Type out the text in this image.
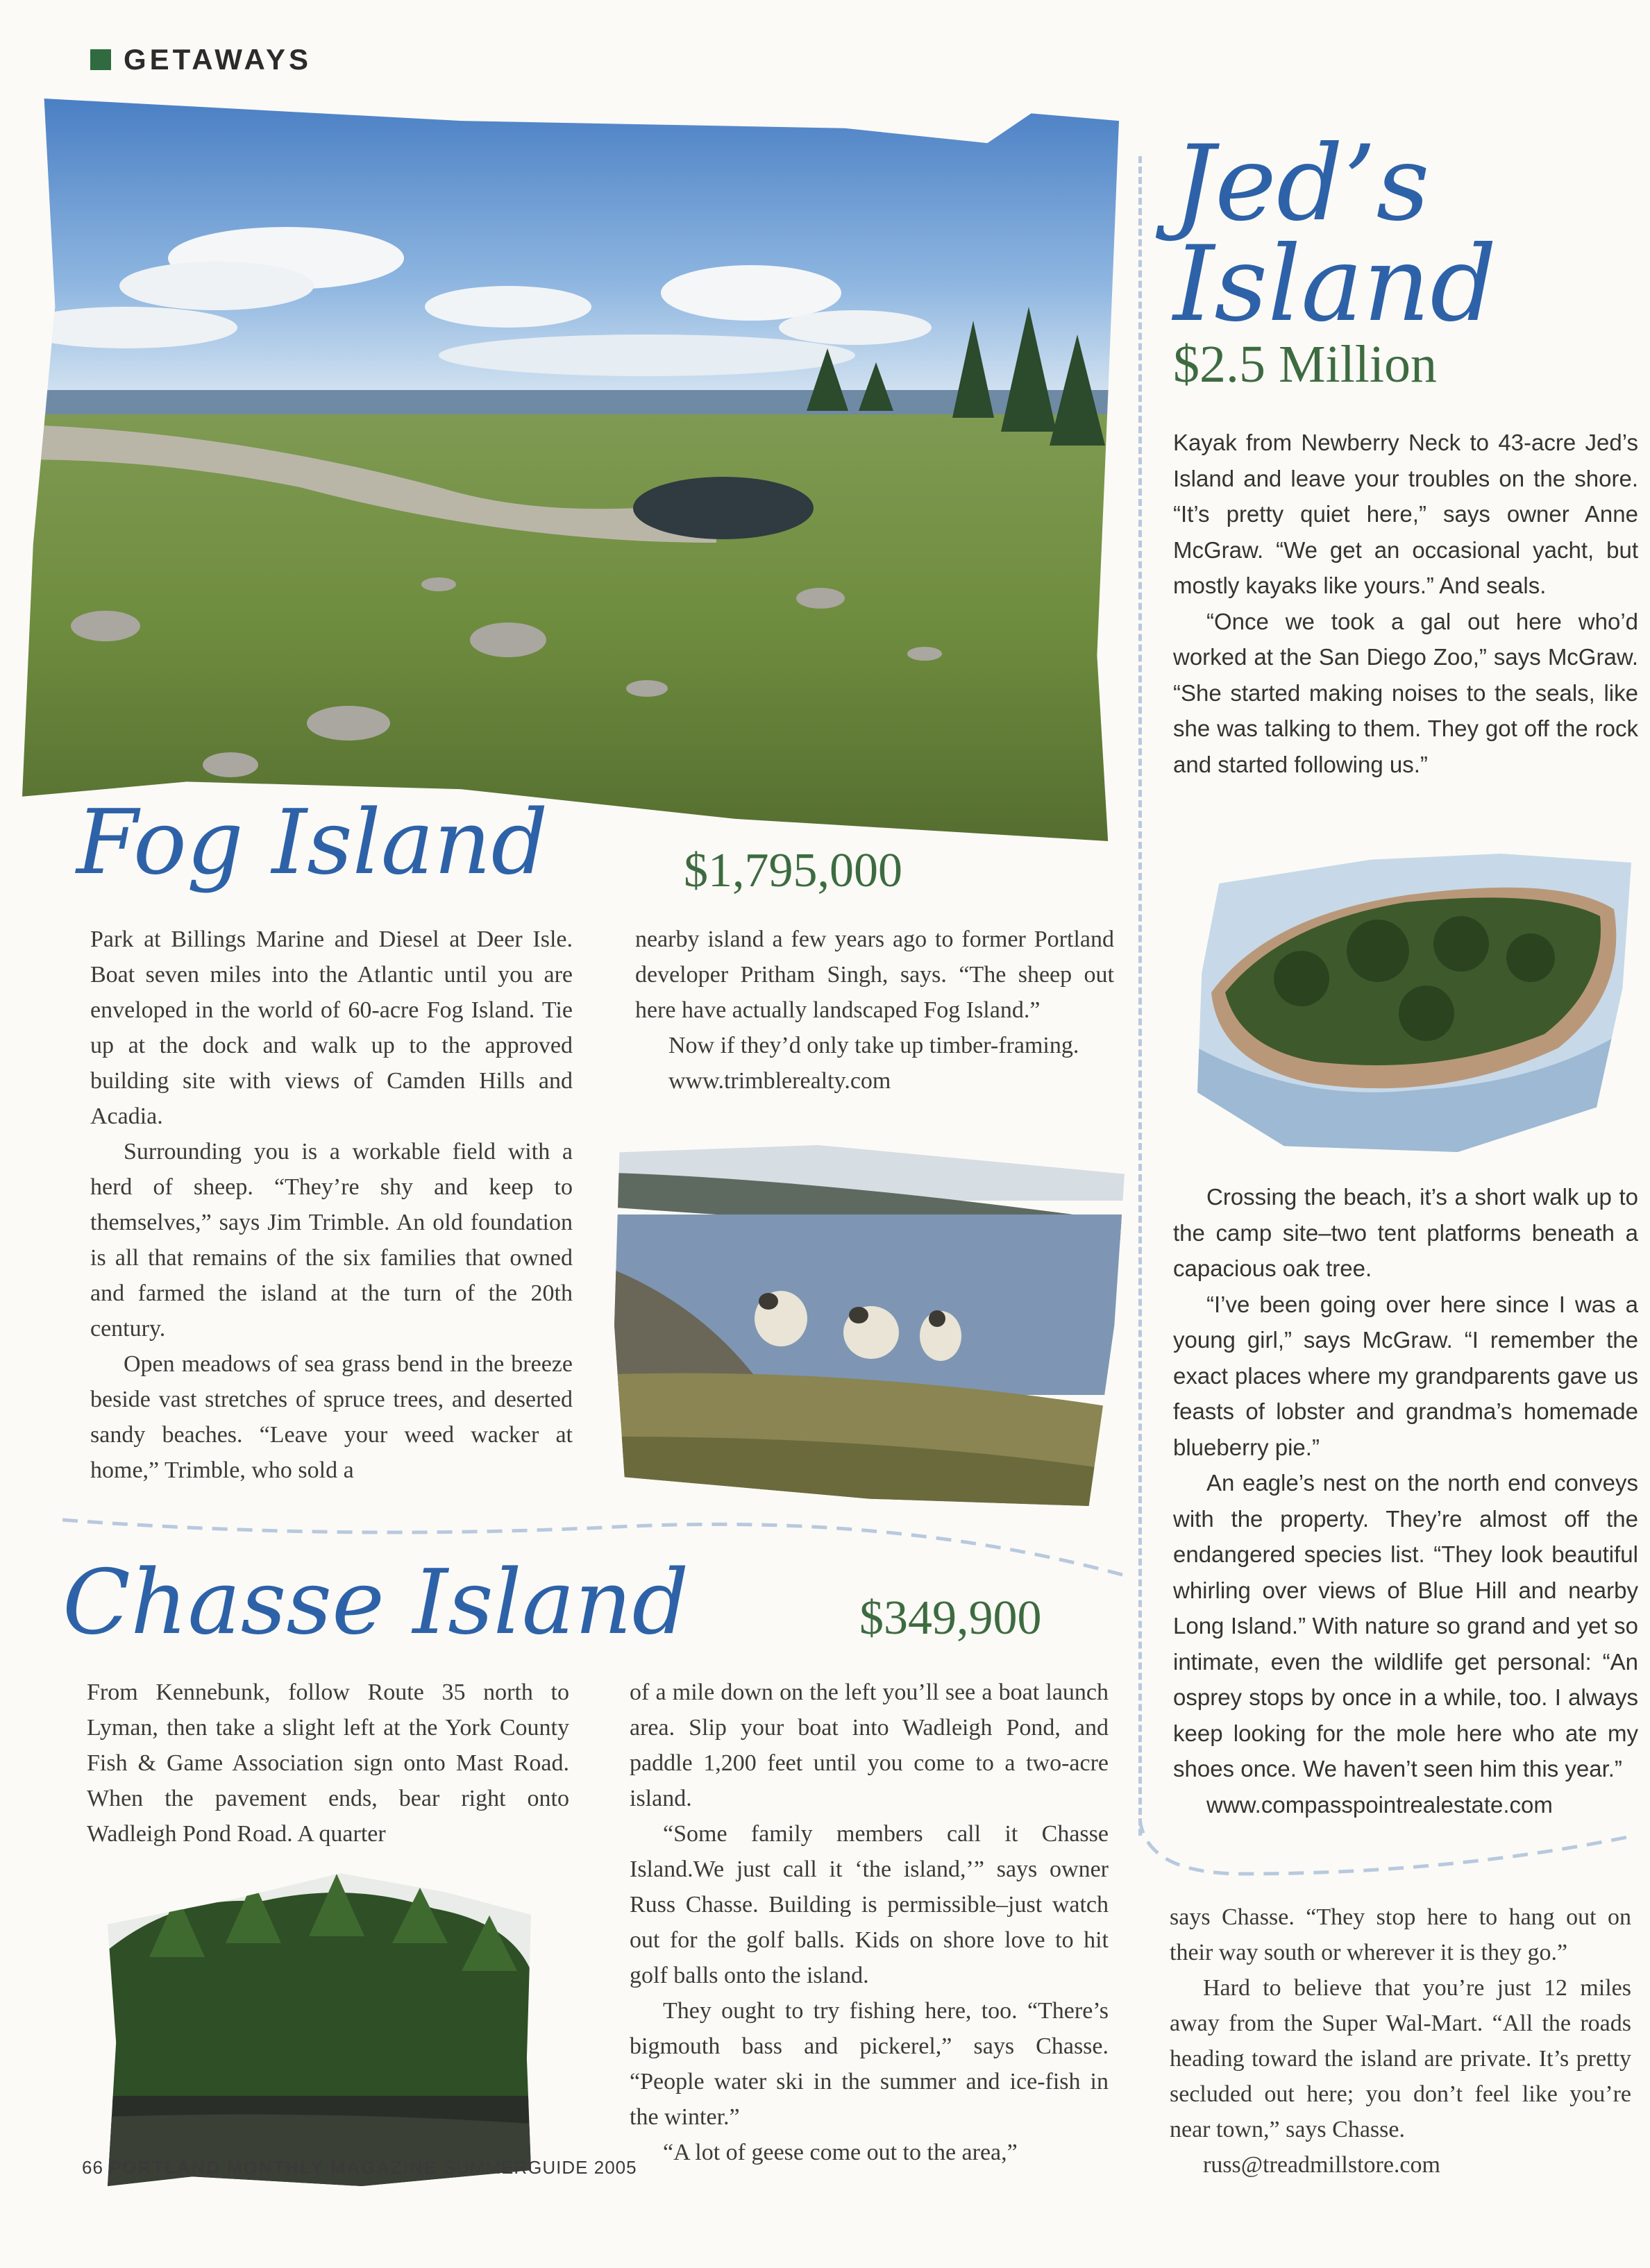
GETAWAYS
Fog Island	$1,795,000

Park at Billings Marine and Diesel at Deer Isle. Boat seven miles into the Atlantic until you are enveloped in the world of 60-acre Fog Island. Tie up at the dock and walk up to the approved building site with views of Camden Hills and Acadia.

Surrounding you is a workable field with a herd of sheep. “They’re shy and keep to themselves,” says Jim Trimble. An old foundation is all that remains of the six families that owned and farmed the island at the turn of the 20th century.

Open meadows of sea grass bend in the breeze beside vast stretches of spruce trees, and deserted sandy beaches. “Leave your weed wacker at home,” Trimble, who sold a

nearby island a few years ago to former Portland developer Pritham Singh, says. “The sheep out here have actually landscaped Fog Island.”

Now if they’d only take up timber-framing.

www.trimblerealty.com

Jed’s
Island
$2.5 Million

Kayak from Newberry Neck to 43-acre Jed’s Island and leave your troubles on the shore. “It’s pretty quiet here,” says owner Anne McGraw. “We get an occasional yacht, but mostly kayaks like yours.” And seals.

“Once we took a gal out here who’d worked at the San Diego Zoo,” says McGraw. “She started making noises to the seals, like she was talking to them. They got off the rock and started following us.”

Crossing the beach, it’s a short walk up to the camp site–two tent platforms beneath a capacious oak tree.

“I’ve been going over here since I was a young girl,” says McGraw. “I remember the exact places where my grandparents gave us feasts of lobster and grandma’s homemade blueberry pie.”

An eagle’s nest on the north end conveys with the property. They’re almost off the endangered species list. “They look beautiful whirling over views of Blue Hill and nearby Long Island.” With nature so grand and yet so intimate, even the wildlife get personal: “An osprey stops by once in a while, too. I always keep looking for the mole here who ate my shoes once. We haven’t seen him this year.”

www.compasspointrealestate.com

Chasse Island	$349,900

From Kennebunk, follow Route 35 north to Lyman, then take a slight left at the York County Fish & Game Association sign onto Mast Road. When the pavement ends, bear right onto Wadleigh Pond Road. A quarter

of a mile down on the left you’ll see a boat launch area. Slip your boat into Wadleigh Pond, and paddle 1,200 feet until you come to a two-acre island.

“Some family members call it Chasse Island.We just call it ‘the island,’” says owner Russ Chasse. Building is permissible–just watch out for the golf balls. Kids on shore love to hit golf balls onto the island.

They ought to try fishing here, too. “There’s bigmouth bass and pickerel,” says Chasse. “People water ski in the summer and ice-fish in the winter.”

“A lot of geese come out to the area,”

says Chasse. “They stop here to hang out on their way south or wherever it is they go.”

Hard to believe that you’re just 12 miles away from the Super Wal-Mart. “All the roads heading toward the island are private. It’s pretty secluded out here; you don’t feel like you’re near town,” says Chasse.

russ@treadmillstore.com

66 PORTLAND MONTHLY MAGAZINE SUMMERGUIDE 2005
